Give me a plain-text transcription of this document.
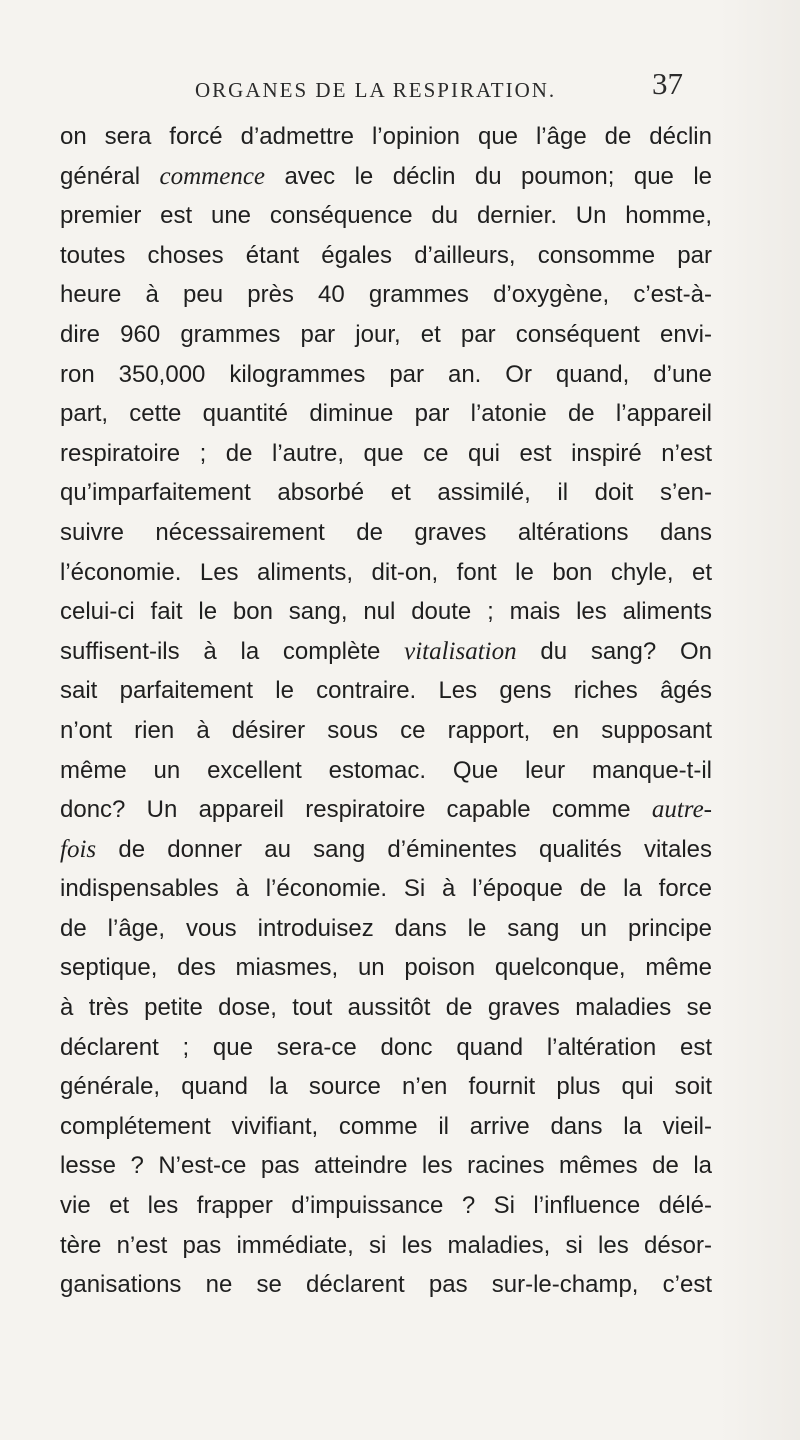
ORGANES DE LA RESPIRATION.	37
on sera forcé d’admettre l’opinion que l’âge de déclin
général commence avec le déclin du poumon; que le
premier est une conséquence du dernier. Un homme,
toutes choses étant égales d’ailleurs, consomme par
heure à peu près 40 grammes d’oxygène, c’est-à-
dire 960 grammes par jour, et par conséquent envi-
ron 350,000 kilogrammes par an. Or quand, d’une
part, cette quantité diminue par l’atonie de l’appareil
respiratoire ; de l’autre, que ce qui est inspiré n’est
qu’imparfaitement absorbé et assimilé, il doit s’en-
suivre nécessairement de graves altérations dans
l’économie. Les aliments, dit-on, font le bon chyle, et
celui-ci fait le bon sang, nul doute ; mais les aliments
suffisent-ils à la complète vitalisation du sang? On
sait parfaitement le contraire. Les gens riches âgés
n’ont rien à désirer sous ce rapport, en supposant
même un excellent estomac. Que leur manque-t-il
donc? Un appareil respiratoire capable comme autre-
fois de donner au sang d’éminentes qualités vitales
indispensables à l’économie. Si à l’époque de la force
de l’âge, vous introduisez dans le sang un principe
septique, des miasmes, un poison quelconque, même
à très petite dose, tout aussitôt de graves maladies se
déclarent ; que sera-ce donc quand l’altération est
générale, quand la source n’en fournit plus qui soit
complétement vivifiant, comme il arrive dans la vieil-
lesse ? N’est-ce pas atteindre les racines mêmes de la
vie et les frapper d’impuissance ? Si l’influence délé-
tère n’est pas immédiate, si les maladies, si les désor-
ganisations ne se déclarent pas sur-le-champ, c’est
